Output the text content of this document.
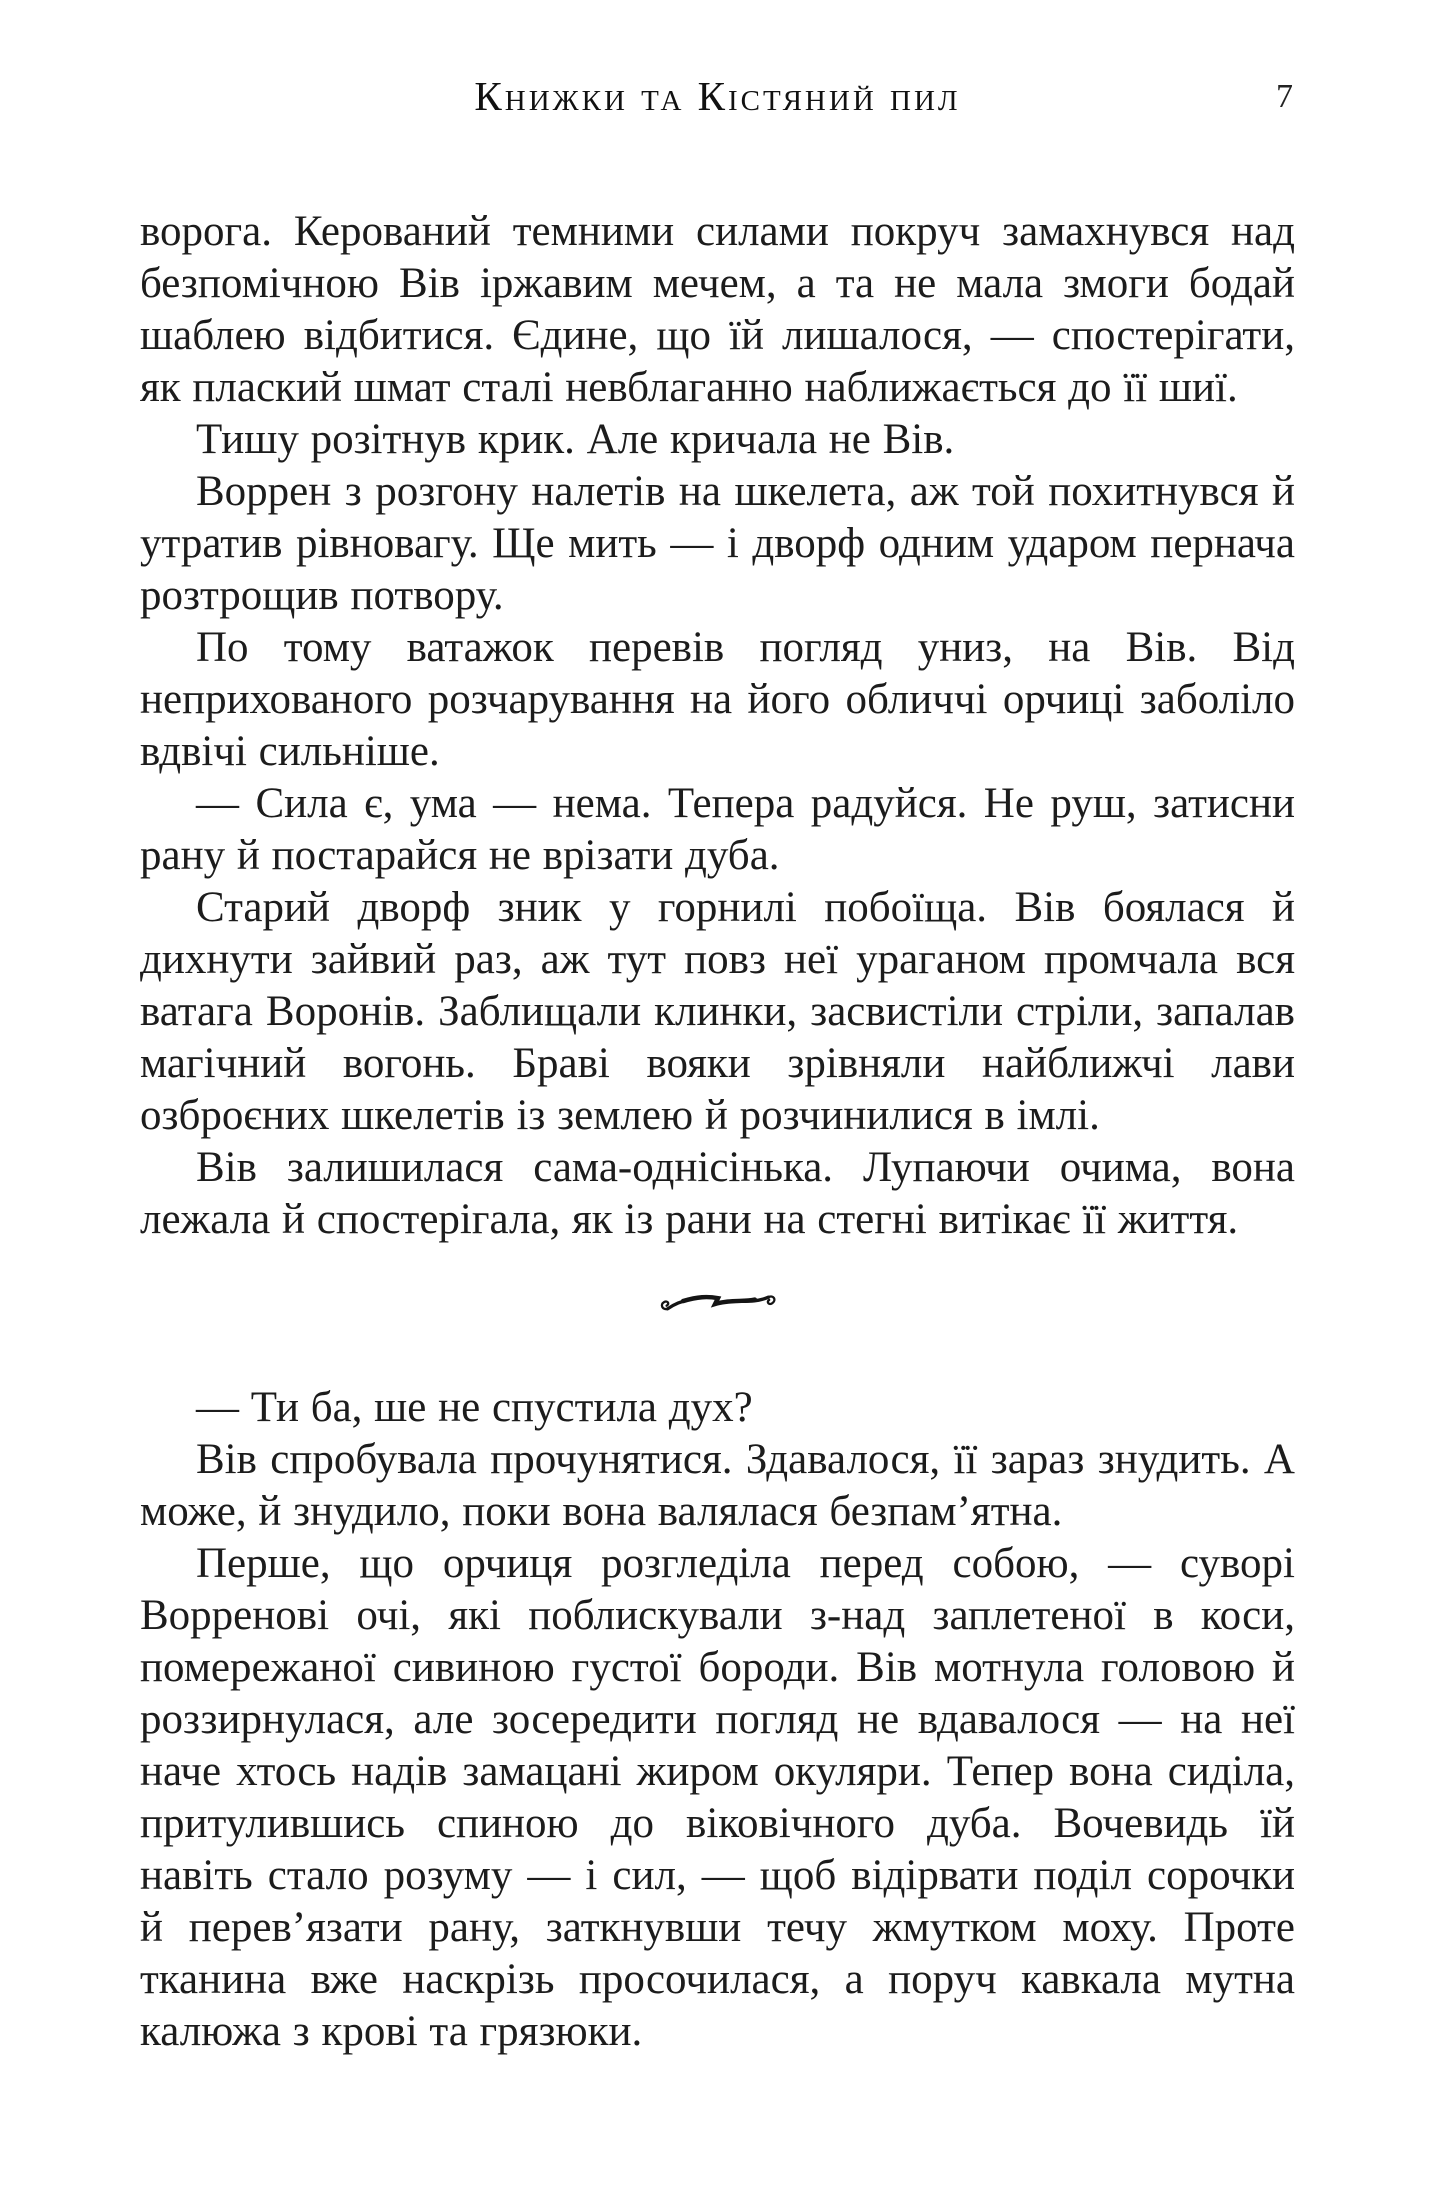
Книжки та Кістяний пил	7

ворога. Керований темними силами покруч замахнувся над безпомічною Вів іржавим мечем, а та не мала змоги бодай шаблею відбитися. Єдине, що їй лишалося, — спостерігати, як плаский шмат сталі невблаганно наближається до її шиї.

Тишу розітнув крик. Але кричала не Вів.

Воррен з розгону налетів на шкелета, аж той похитнувся й утратив рівновагу. Ще мить — і дворф одним ударом пернача розтрощив потвору.

По тому ватажок перевів погляд униз, на Вів. Від неприхованого розчарування на його обличчі орчиці заболіло вдвічі сильніше.

— Сила є, ума — нема. Тепера радуйся. Не руш, затисни рану й постарайся не врізати дуба.

Старий дворф зник у горнилі побоїща. Вів боялася й дихнути зайвий раз, аж тут повз неї ураганом промчала вся ватага Воронів. Заблищали клинки, засвистіли стріли, запалав магічний вогонь. Браві вояки зрівняли найближчі лави озброєних шкелетів із землею й розчинилися в імлі.

Вів залишилася сама-однісінька. Лупаючи очима, вона лежала й спостерігала, як із рани на стегні витікає її життя.

— Ти ба, ше не спустила дух?

Вів спробувала прочунятися. Здавалося, її зараз знудить. А може, й знудило, поки вона валялася безпам’ятна.

Перше, що орчиця розгледіла перед собою, — суворі Ворренові очі, які поблискували з-над заплетеної в коси, помережаної сивиною густої бороди. Вів мотнула головою й роззирнулася, але зосередити погляд не вдавалося — на неї наче хтось надів замацані жиром окуляри. Тепер вона сиділа, притулившись спиною до віковічного дуба. Вочевидь їй навіть стало розуму — і сил, — щоб відірвати поділ сорочки й перев’язати рану, заткнувши течу жмутком моху. Проте тканина вже наскрізь просочилася, а поруч кавкала мутна калюжа з крові та грязюки.
